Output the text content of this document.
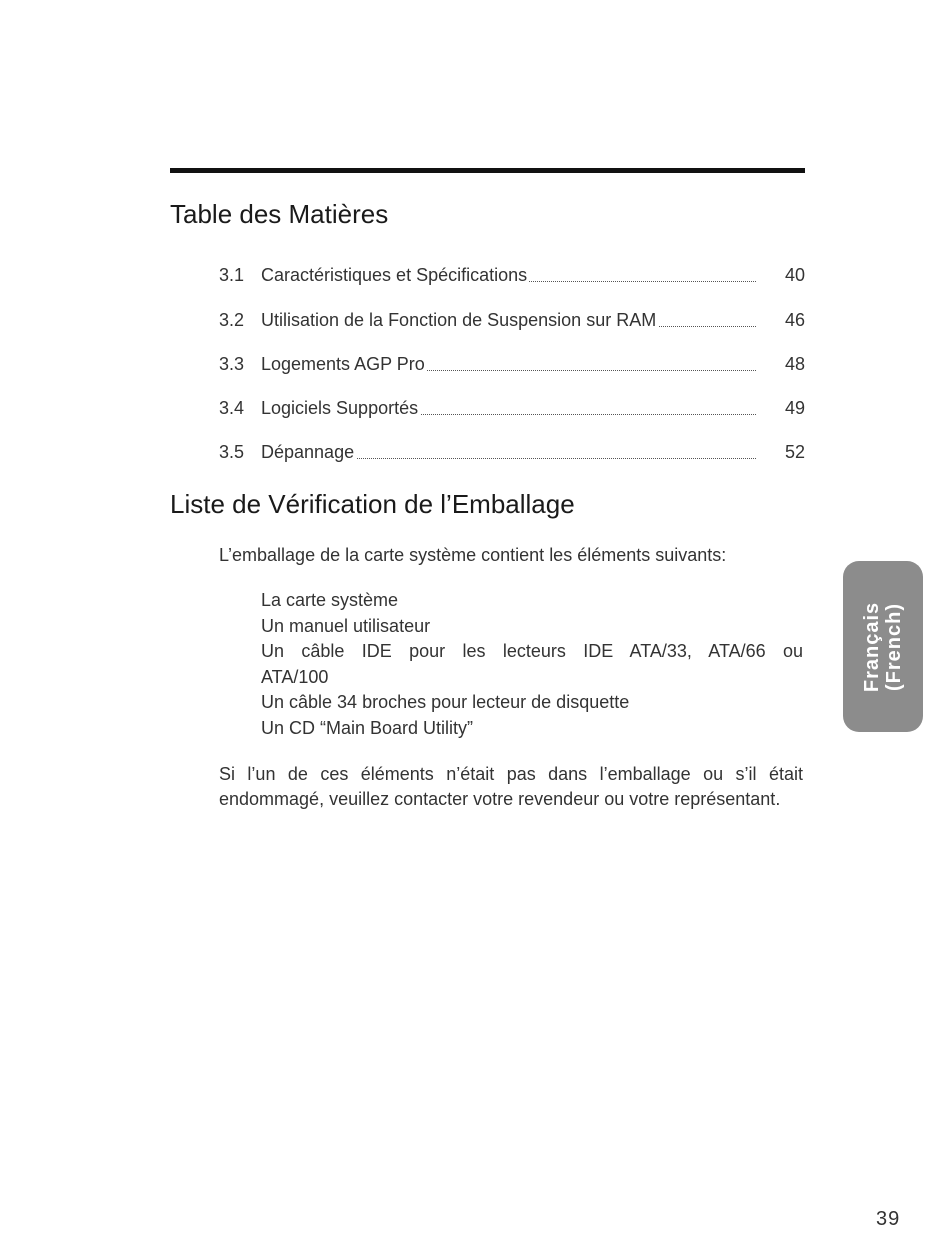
Table des Matières
3.1 Caractéristiques et Spécifications	40
3.2 Utilisation de la Fonction de Suspension sur RAM	46
3.3 Logements AGP Pro	48
3.4 Logiciels Supportés	49
3.5 Dépannage	52
Liste de Vérification de l’Emballage

L’emballage de la carte système contient les éléments suivants:

La carte système
Un manuel utilisateur
Un câble IDE pour les lecteurs IDE ATA/33, ATA/66 ou ATA/100
Un câble 34 broches pour lecteur de disquette
Un CD “Main Board Utility”

Si l’un de ces éléments n’était pas dans l’emballage ou s’il était endommagé, veuillez contacter votre revendeur ou votre représentant.

Français (French)
39
